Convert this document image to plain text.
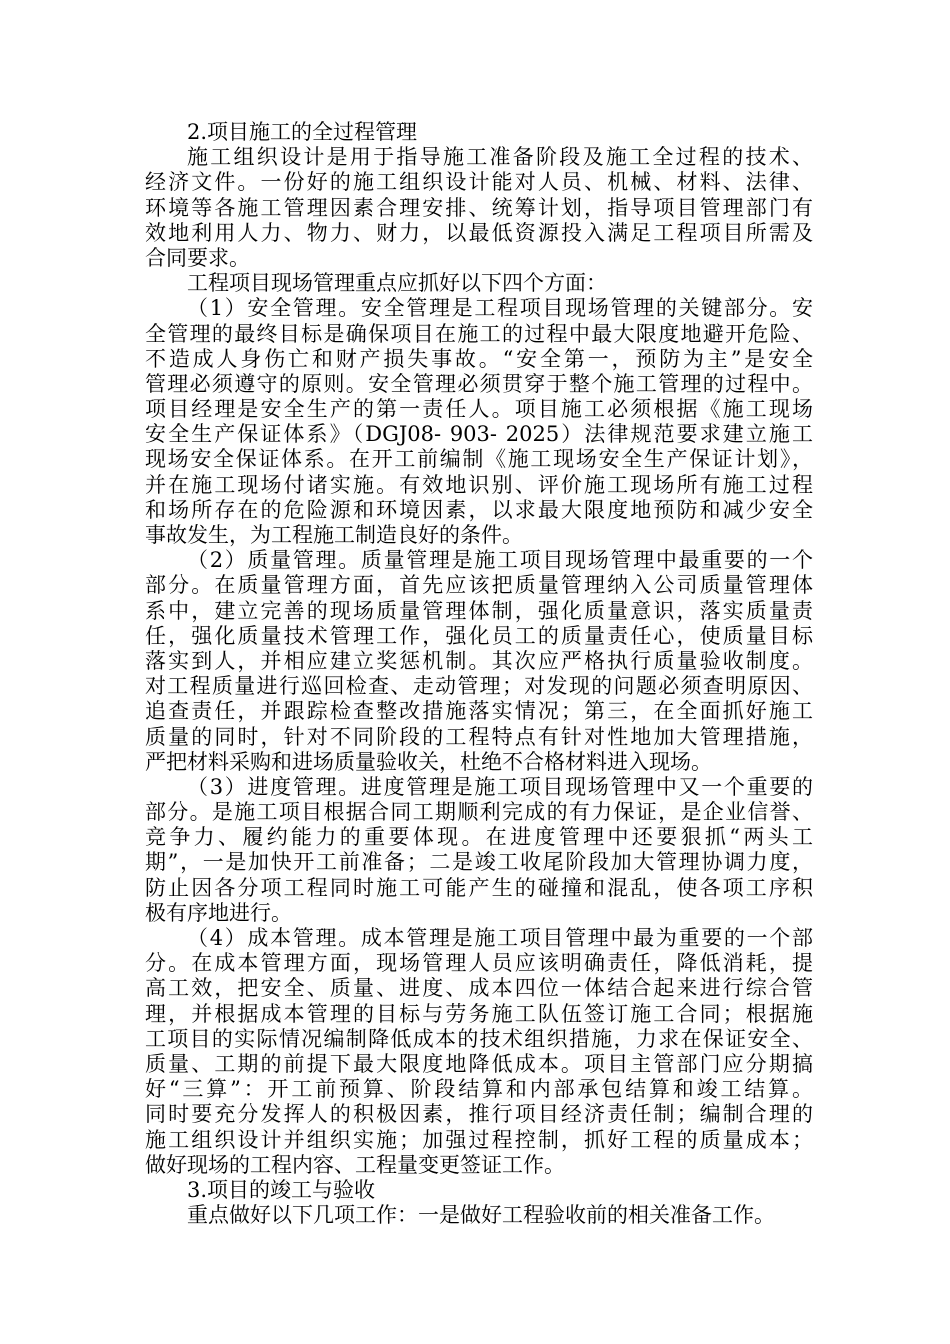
2.项目施工的全过程管理
施工组织设计是用于指导施工准备阶段及施工全过程的技术、
经济文件。一份好的施工组织设计能对人员、机械、材料、法律、
环境等各施工管理因素合理安排、统筹计划，指导项目管理部门有
效地利用人力、物力、财力，以最低资源投入满足工程项目所需及
合同要求。
工程项目现场管理重点应抓好以下四个方面：
（1）安全管理。安全管理是工程项目现场管理的关键部分。安
全管理的最终目标是确保项目在施工的过程中最大限度地避开危险、
不造成人身伤亡和财产损失事故。“安全第一，预防为主”是安全
管理必须遵守的原则。安全管理必须贯穿于整个施工管理的过程中。
项目经理是安全生产的第一责任人。项目施工必须根据《施工现场
安全生产保证体系》（DGJ08- 903- 2025）法律规范要求建立施工
现场安全保证体系。在开工前编制《施工现场安全生产保证计划》，
并在施工现场付诸实施。有效地识别、评价施工现场所有施工过程
和场所存在的危险源和环境因素，以求最大限度地预防和减少安全
事故发生，为工程施工制造良好的条件。
（2）质量管理。质量管理是施工项目现场管理中最重要的一个
部分。在质量管理方面，首先应该把质量管理纳入公司质量管理体
系中，建立完善的现场质量管理体制，强化质量意识，落实质量责
任，强化质量技术管理工作，强化员工的质量责任心，使质量目标
落实到人，并相应建立奖惩机制。其次应严格执行质量验收制度。
对工程质量进行巡回检查、走动管理；对发现的问题必须查明原因、
追查责任，并跟踪检查整改措施落实情况；第三，在全面抓好施工
质量的同时，针对不同阶段的工程特点有针对性地加大管理措施，
严把材料采购和进场质量验收关，杜绝不合格材料进入现场。
（3）进度管理。进度管理是施工项目现场管理中又一个重要的
部分。是施工项目根据合同工期顺利完成的有力保证，是企业信誉、
竞争力、履约能力的重要体现。在进度管理中还要狠抓“两头工
期”，一是加快开工前准备；二是竣工收尾阶段加大管理协调力度，
防止因各分项工程同时施工可能产生的碰撞和混乱，使各项工序积
极有序地进行。
（4）成本管理。成本管理是施工项目管理中最为重要的一个部
分。在成本管理方面，现场管理人员应该明确责任，降低消耗，提
高工效，把安全、质量、进度、成本四位一体结合起来进行综合管
理，并根据成本管理的目标与劳务施工队伍签订施工合同；根据施
工项目的实际情况编制降低成本的技术组织措施，力求在保证安全、
质量、工期的前提下最大限度地降低成本。项目主管部门应分期搞
好“三算”：开工前预算、阶段结算和内部承包结算和竣工结算。
同时要充分发挥人的积极因素，推行项目经济责任制；编制合理的
施工组织设计并组织实施；加强过程控制，抓好工程的质量成本；
做好现场的工程内容、工程量变更签证工作。
3.项目的竣工与验收
重点做好以下几项工作：一是做好工程验收前的相关准备工作。
